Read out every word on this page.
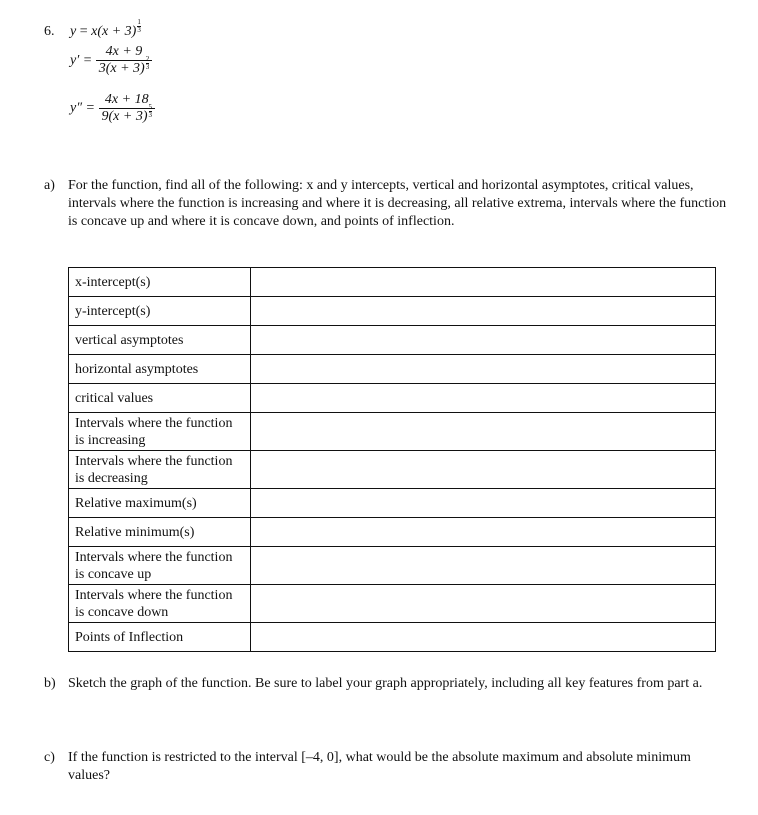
6. $y = x(x + 3) \frac{1}{3}$
$y' = \frac{4x + 9}{3(x + 3) \frac{2}{3}}$
$y'' = \frac{4x + 18}{9(x + 3) \frac{5}{3}}$
a) For the function, find all of the following: x and y intercepts, vertical and horizontal asymptotes, critical values, intervals where the function is increasing and where it is decreasing, all relative extrema, intervals where the function is concave up and where it is concave down, and points of inflection.
x-intercept(s)	
y-intercept(s)	
vertical asymptotes	
horizontal asymptotes	
critical values	
Intervals where the function is increasing	
Intervals where the function is decreasing	
Relative maximum(s)	
Relative minimum(s)	
Intervals where the function is concave up	
Intervals where the function is concave down	
Points of Inflection	
b) Sketch the graph of the function. Be sure to label your graph appropriately, including all key features from part a.
c) If the function is restricted to the interval [–4, 0], what would be the absolute maximum and absolute minimum values?
